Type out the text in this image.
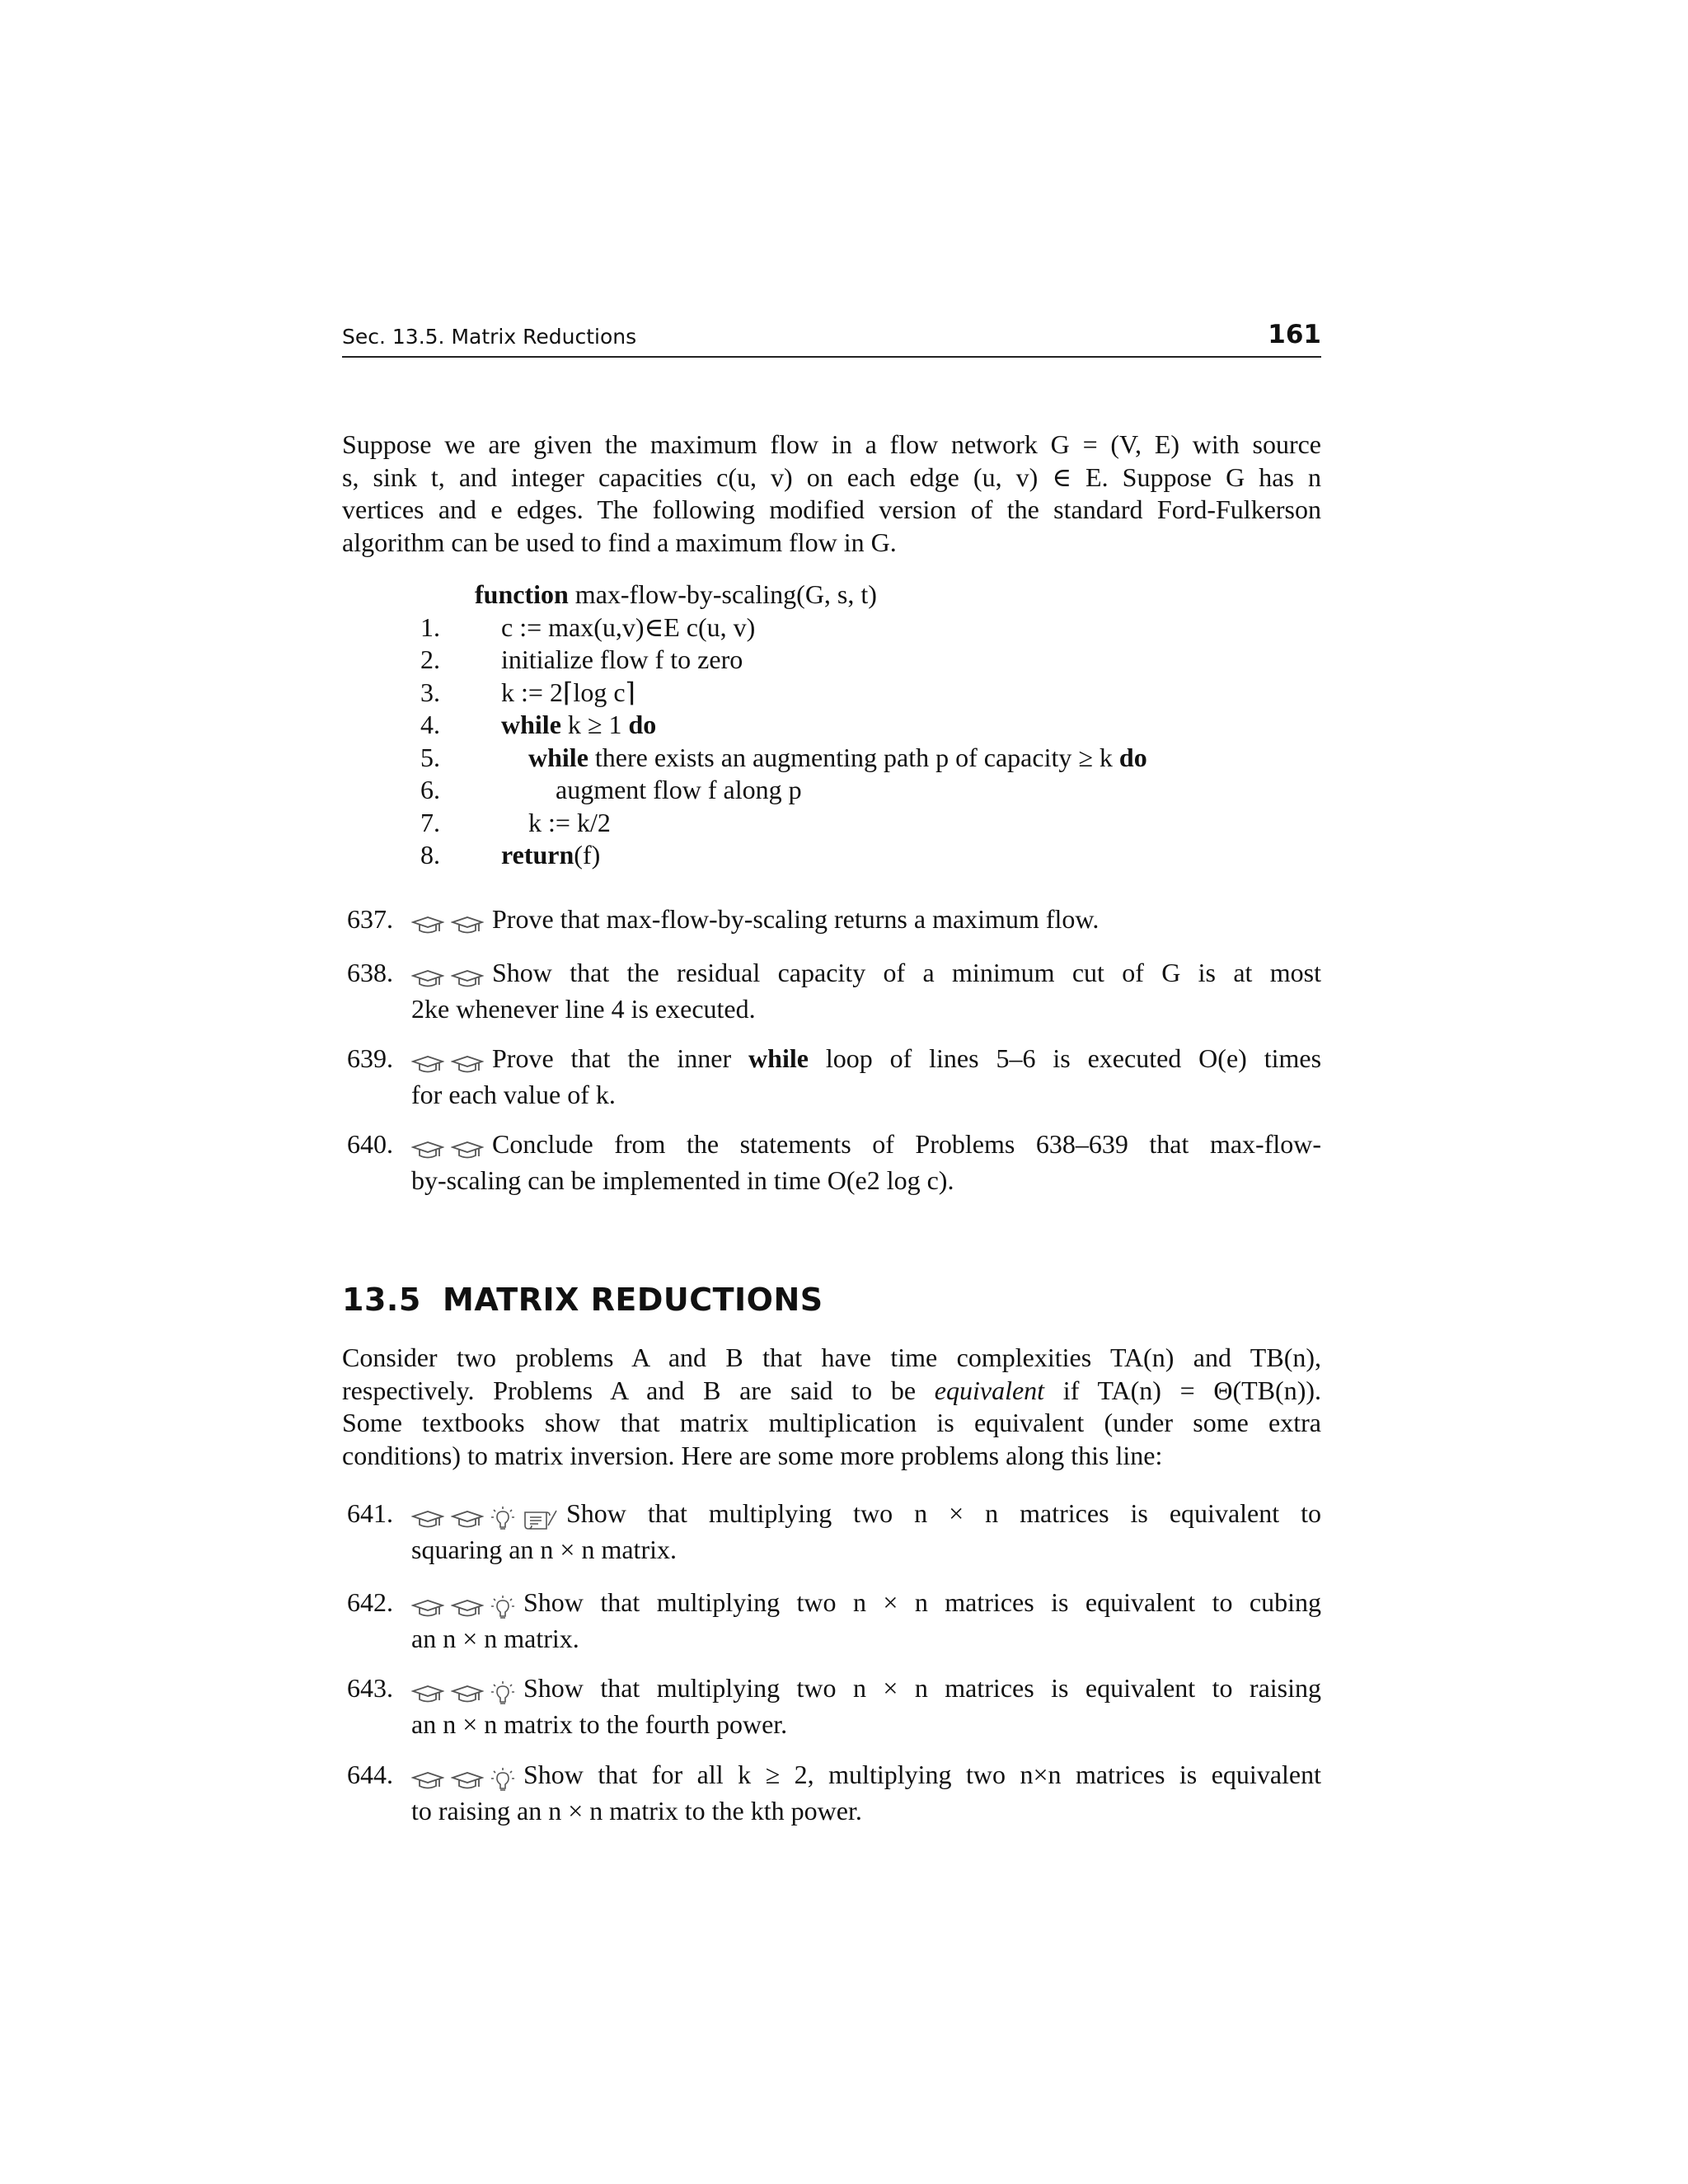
Sec. 13.5. Matrix Reductions	161
Suppose we are given the maximum flow in a flow network G = (V, E) with source
s, sink t, and integer capacities c(u, v) on each edge (u, v) ∈ E. Suppose G has n
vertices and e edges. The following modified version of the standard Ford-Fulkerson
algorithm can be used to find a maximum flow in G.
function max-flow-by-scaling(G, s, t)
1. c := max(u,v)∈E c(u, v)
2. initialize flow f to zero
3. k := 2⌈log c⌉
4. while k ≥ 1 do
5.	while there exists an augmenting path p of capacity ≥ k do
6.	augment flow f along p
7.	k := k/2
8. return(f)
637.	Prove that max-flow-by-scaling returns a maximum flow.
638.	Show that the residual capacity of a minimum cut of G is at most
2ke whenever line 4 is executed.
639.	Prove that the inner while loop of lines 5–6 is executed O(e) times
for each value of k.
640.	Conclude from the statements of Problems 638–639 that max-flow-
by-scaling can be implemented in time O(e2 log c).
13.5 MATRIX REDUCTIONS
Consider two problems A and B that have time complexities TA(n) and TB(n),
respectively. Problems A and B are said to be equivalent if TA(n) = Θ(TB(n)).
Some textbooks show that matrix multiplication is equivalent (under some extra
conditions) to matrix inversion. Here are some more problems along this line:
641.	Show that multiplying two n × n matrices is equivalent to
squaring an n × n matrix.
642.	Show that multiplying two n × n matrices is equivalent to cubing
an n × n matrix.
643.	Show that multiplying two n × n matrices is equivalent to raising
an n × n matrix to the fourth power.
644.	Show that for all k ≥ 2, multiplying two n×n matrices is equivalent
to raising an n × n matrix to the kth power.
